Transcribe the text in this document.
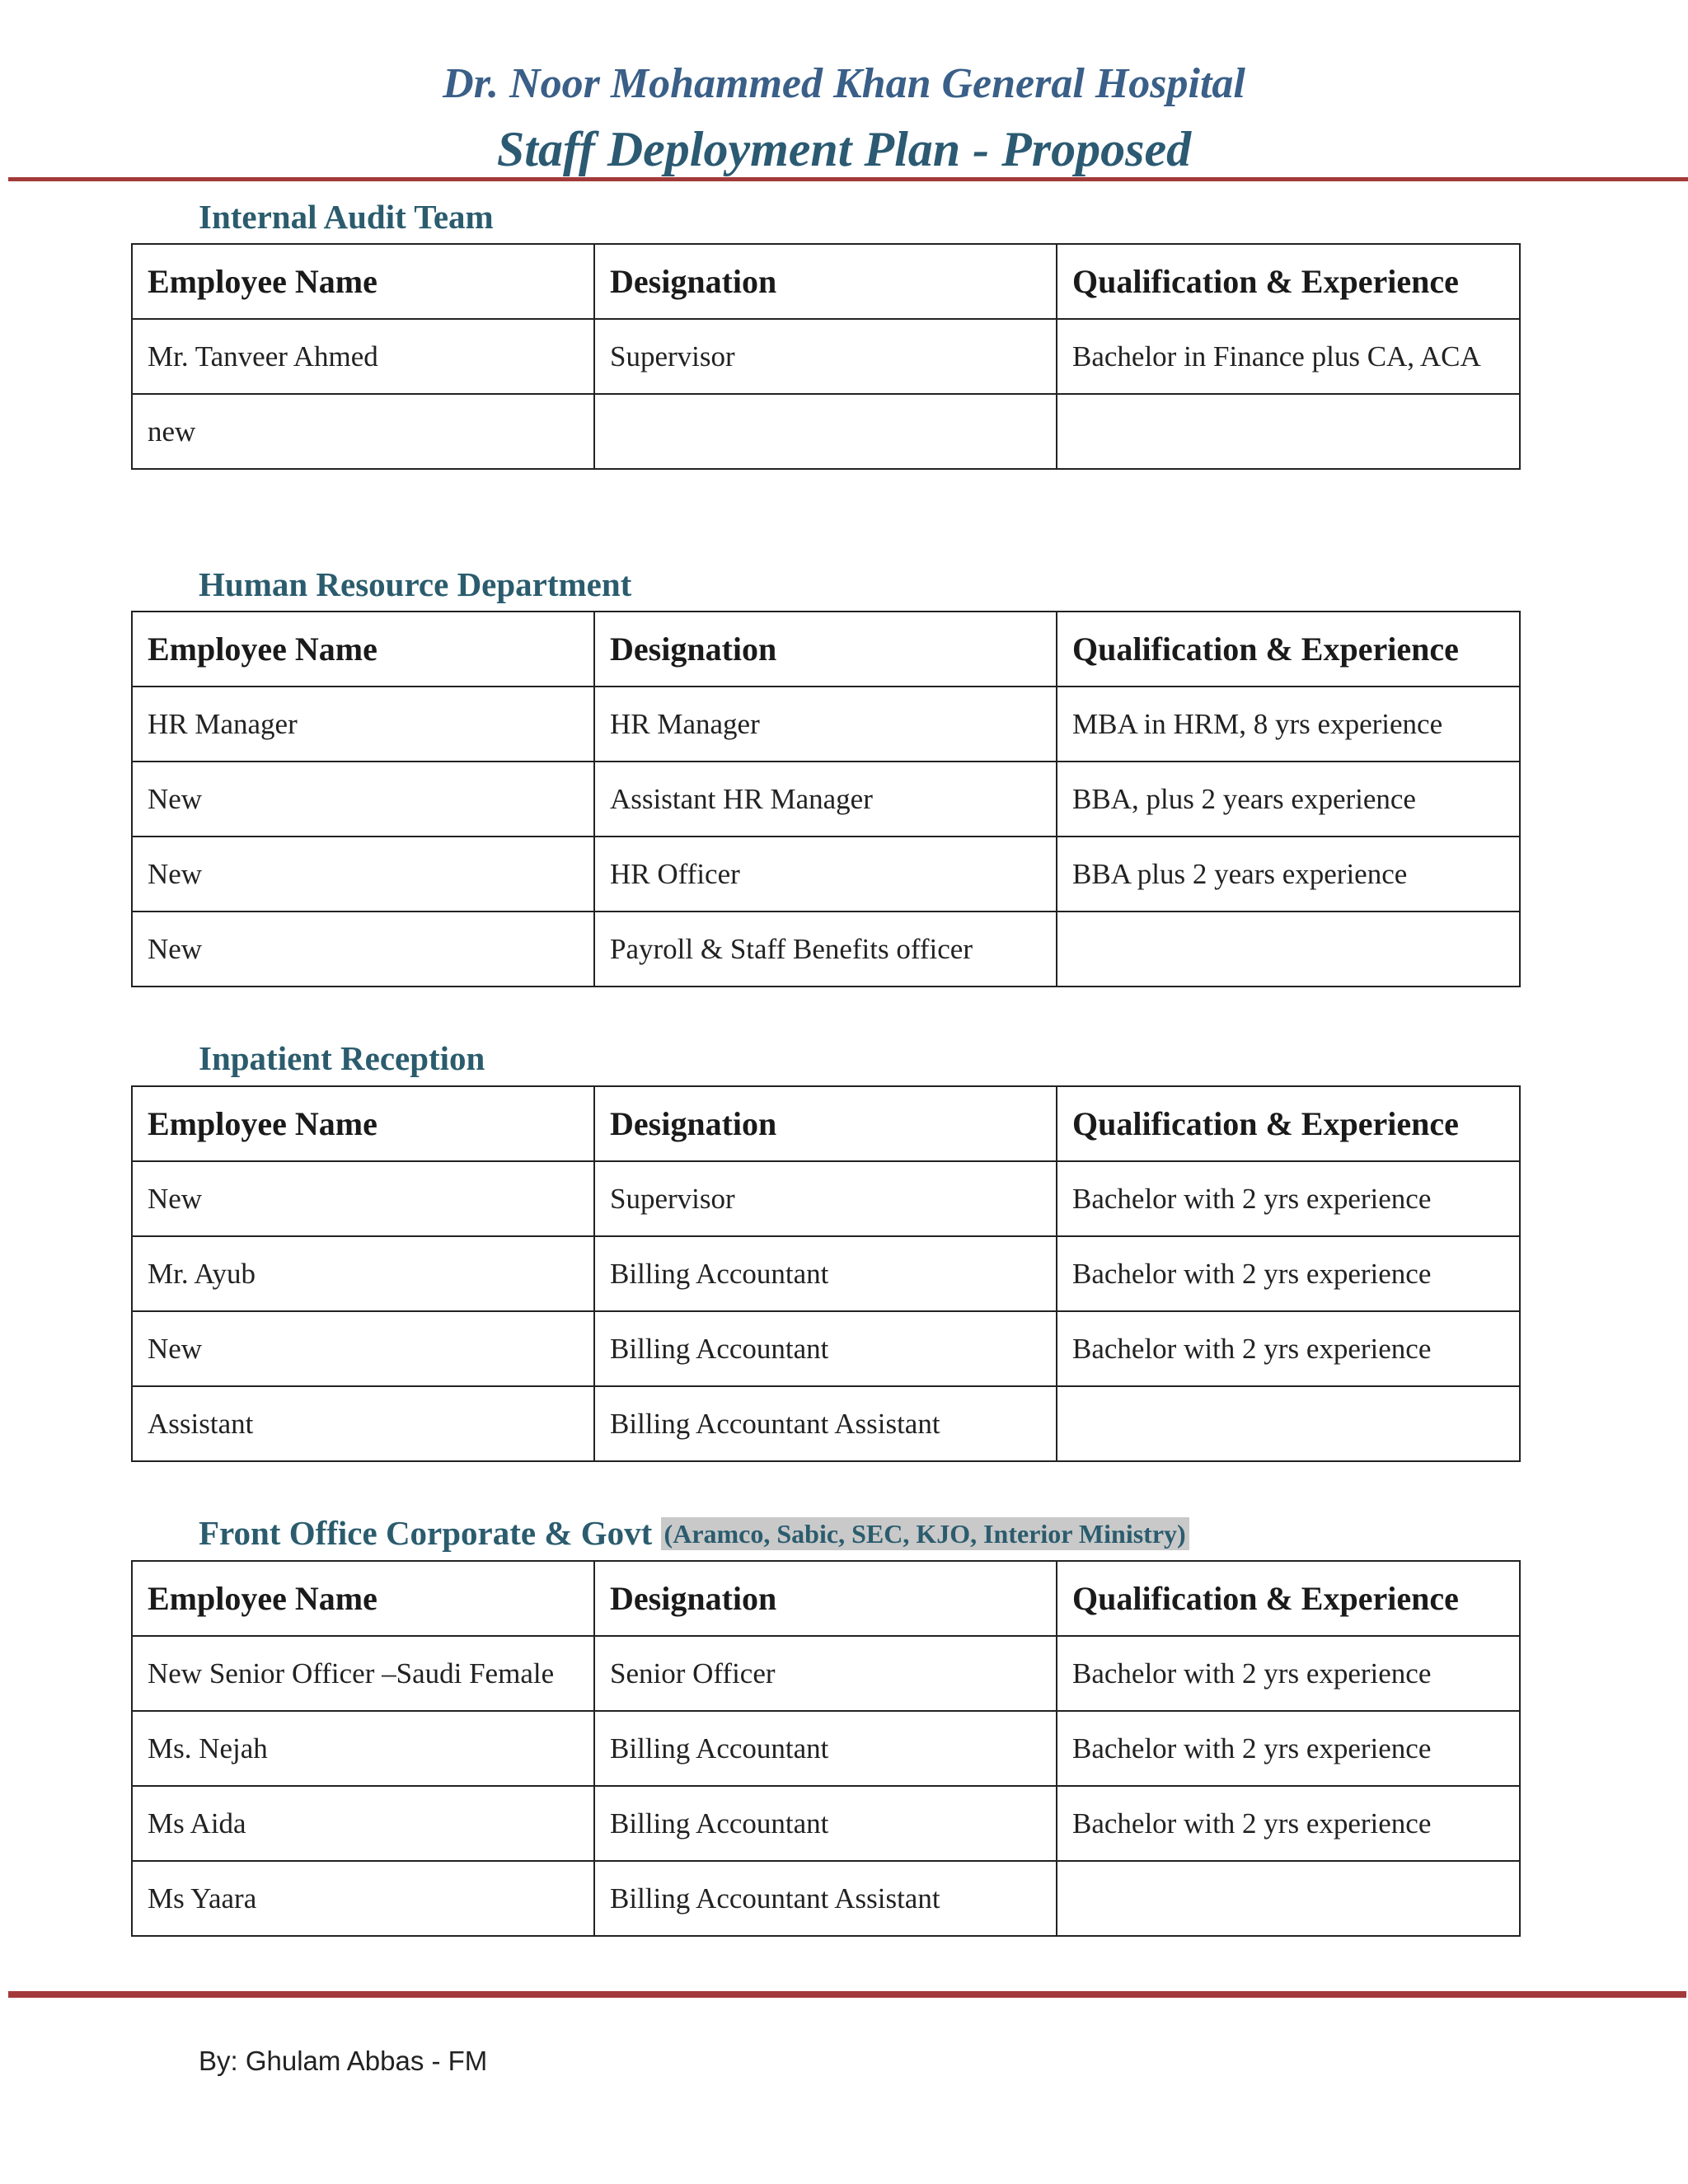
Dr. Noor Mohammed Khan General Hospital
Staff Deployment Plan - Proposed
Internal Audit Team
Employee Name	Designation	Qualification & Experience
Mr. Tanveer Ahmed	Supervisor	Bachelor in Finance plus CA, ACA
new		
Human Resource Department
Employee Name	Designation	Qualification & Experience
HR Manager	HR Manager	MBA in HRM, 8 yrs experience
New	Assistant HR Manager	BBA, plus 2 years experience
New	HR Officer	BBA plus 2 years experience
New	Payroll & Staff Benefits officer	
Inpatient Reception
Employee Name	Designation	Qualification & Experience
New	Supervisor	Bachelor with 2 yrs experience
Mr. Ayub	Billing Accountant	Bachelor with 2 yrs experience
New	Billing Accountant	Bachelor with 2 yrs experience
Assistant	Billing Accountant Assistant	
Front Office Corporate & Govt (Aramco, Sabic, SEC, KJO, Interior Ministry)
Employee Name	Designation	Qualification & Experience
New Senior Officer –Saudi Female	Senior Officer	Bachelor with 2 yrs experience
Ms. Nejah	Billing Accountant	Bachelor with 2 yrs experience
Ms Aida	Billing Accountant	Bachelor with 2 yrs experience
Ms Yaara	Billing Accountant Assistant	
By: Ghulam Abbas - FM
